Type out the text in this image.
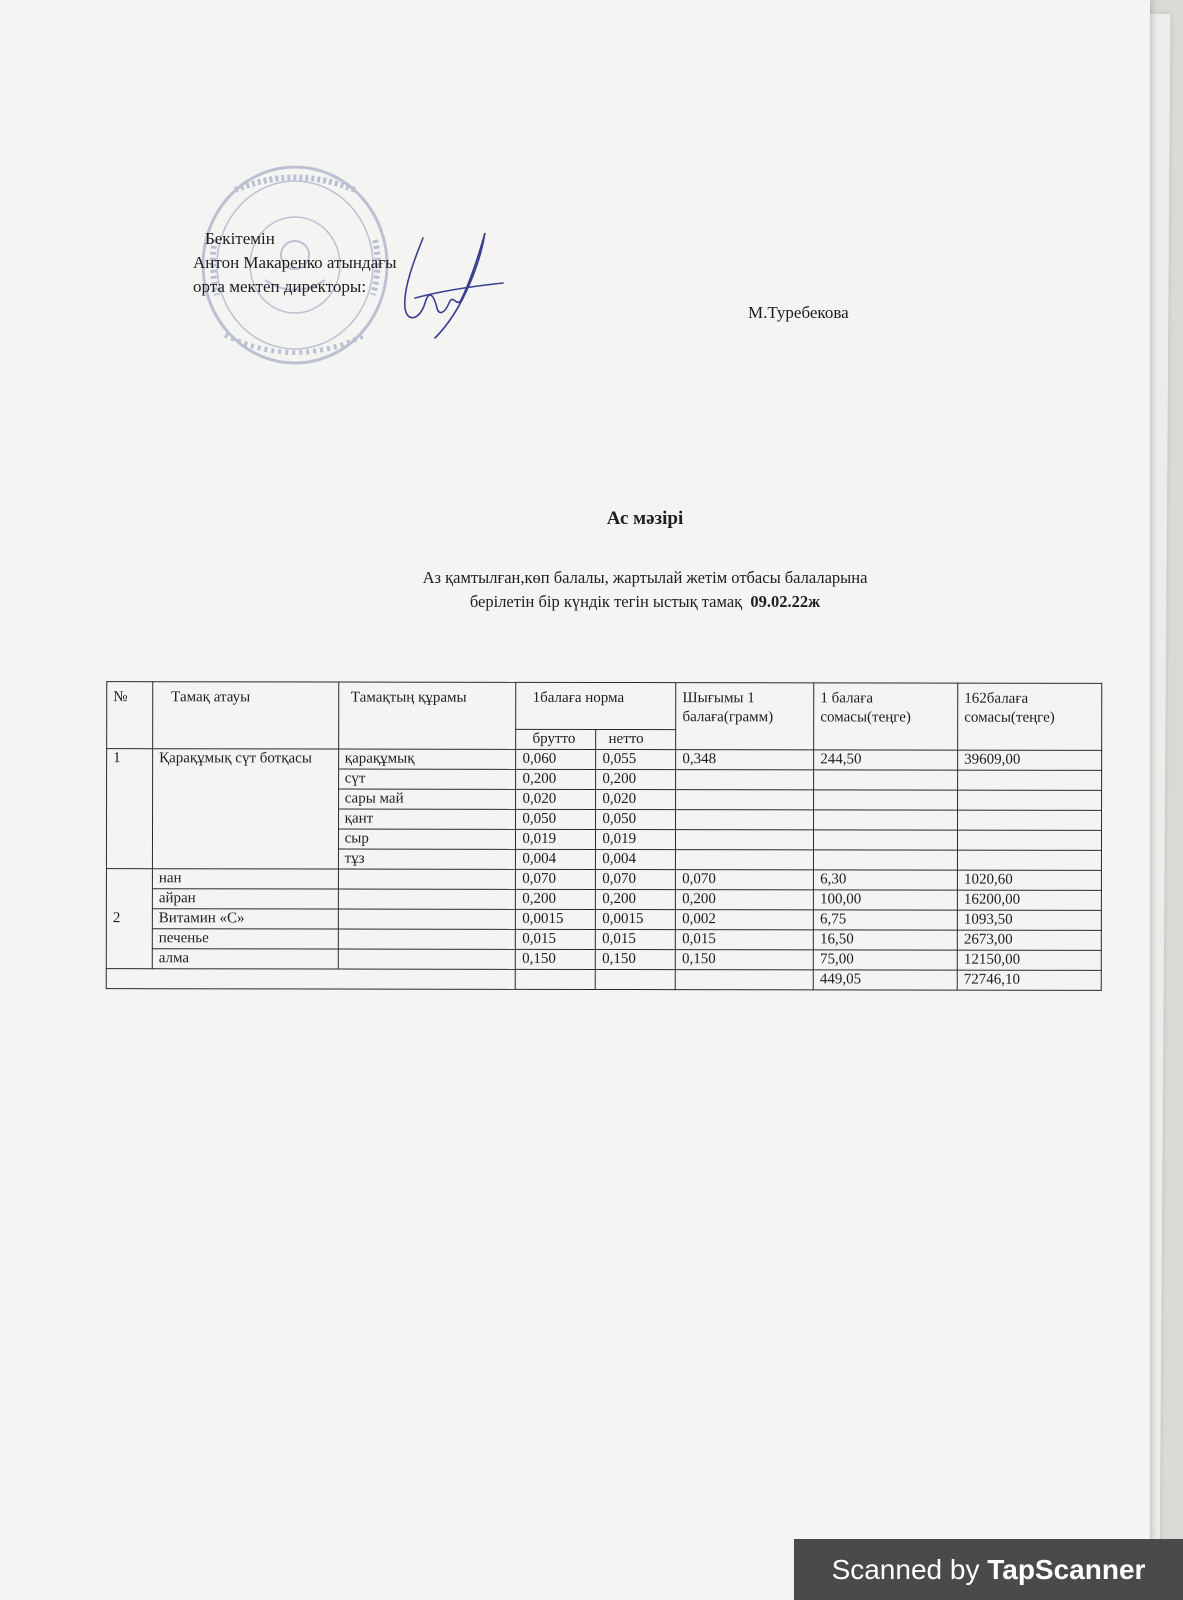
Бекітемін
Антон Макаренко атындағы
орта мектеп директоры:
М.Туребекова
Ас мәзірі
Аз қамтылған,көп балалы, жартылай жетім отбасы балаларына
берілетін бір күндік тегін ыстық тамақ 09.02.22ж
№	Тамақ атауы	Тамақтың құрамы	1балаға норма		Шығымы 1 балаға(грамм)	1 балаға сомасы(теңге)	162балаға сомасы(теңге)
			брутто	нетто			
1	Қарақұмық сүт ботқасы	қарақұмық	0,060	0,055	0,348	244,50	39609,00
		сүт	0,200	0,200			
		сары май	0,020	0,020			
		қант	0,050	0,050			
		сыр	0,019	0,019			
		тұз	0,004	0,004			
2	нан		0,070	0,070	0,070	6,30	1020,60
	айран		0,200	0,200	0,200	100,00	16200,00
	Витамин «С»		0,0015	0,0015	0,002	6,75	1093,50
	печенье		0,015	0,015	0,015	16,50	2673,00
	алма		0,150	0,150	0,150	75,00	12150,00
						449,05	72746,10
Scanned by TapScanner
